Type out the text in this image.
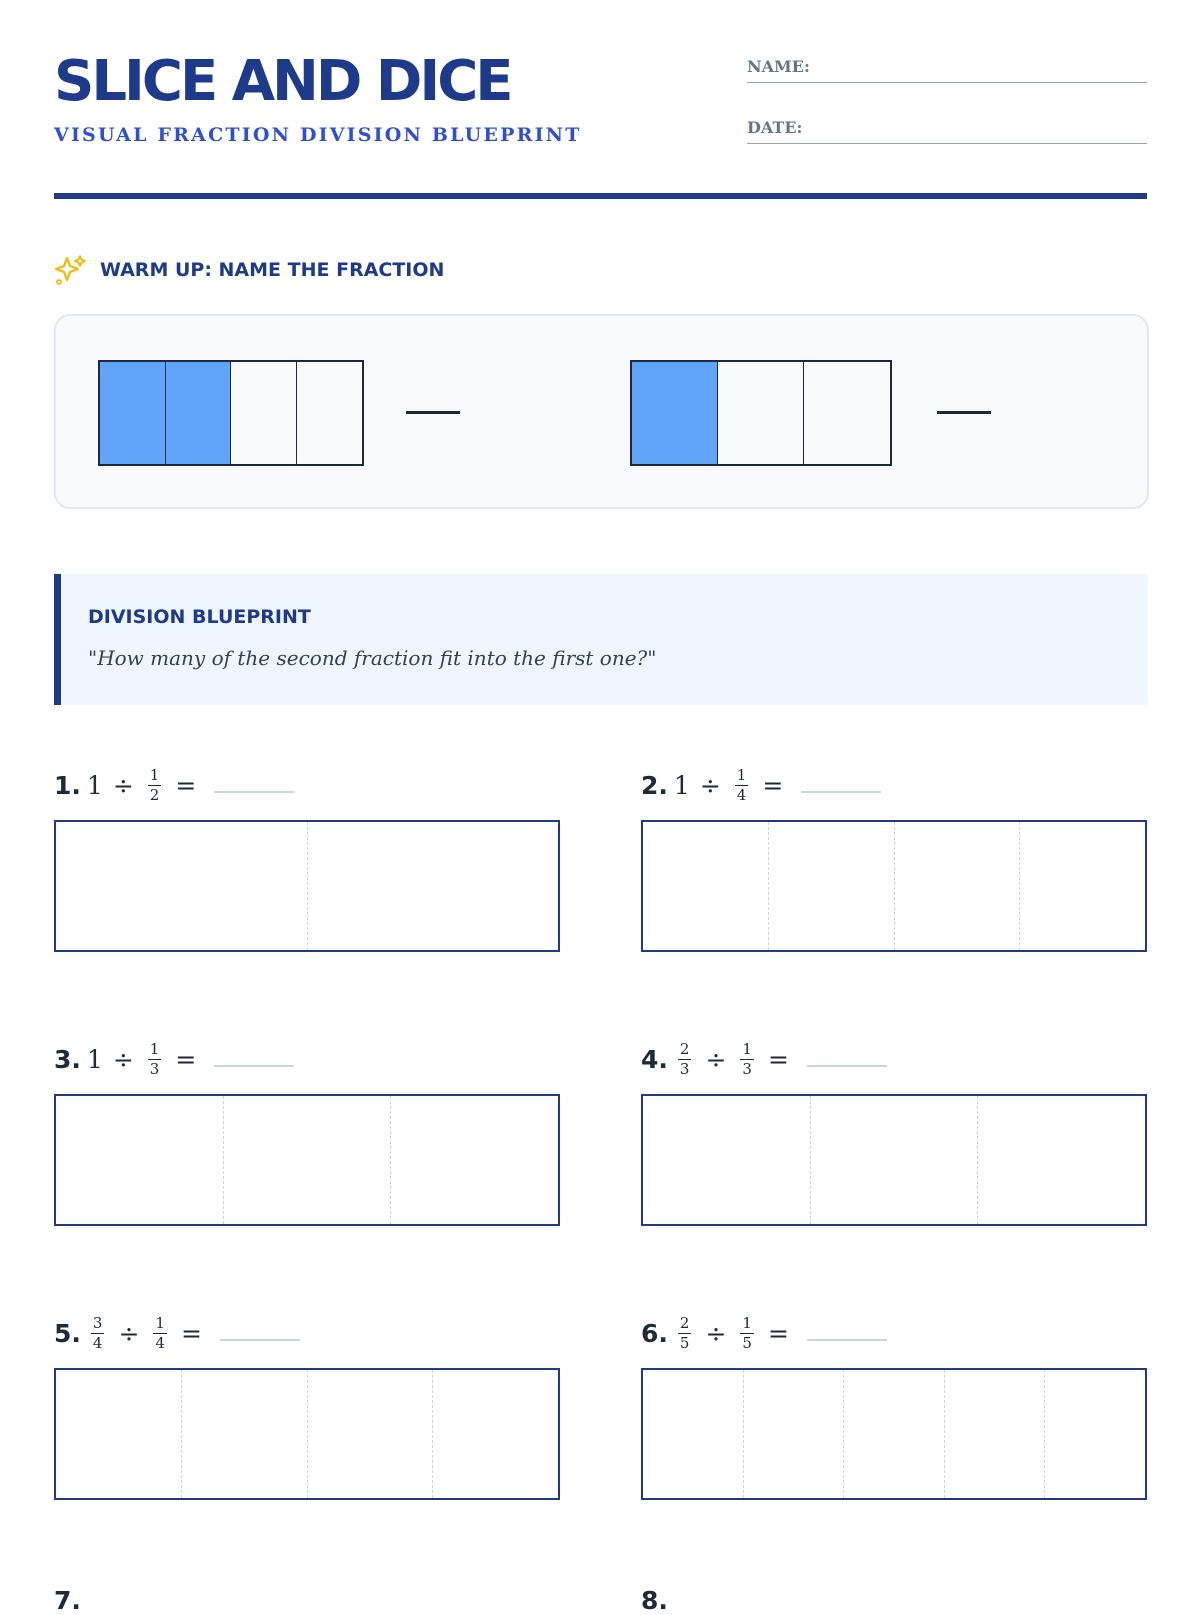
SLICE AND DICE
VISUAL FRACTION DIVISION BLUEPRINT
NAME:
DATE:
WARM UP: NAME THE FRACTION
DIVISION BLUEPRINT
"How many of the second fraction fit into the first one?"
1. $1 \div \frac{1}{2}$ =	2. $1 \div \frac{1}{4}$ =
3. $1 \div \frac{1}{3}$ =	4. $\frac{2}{3} \div \frac{1}{3}$ =
5. $\frac{3}{4} \div \frac{1}{4}$ =	6. $\frac{2}{5} \div \frac{1}{5}$ =
7.	8.
